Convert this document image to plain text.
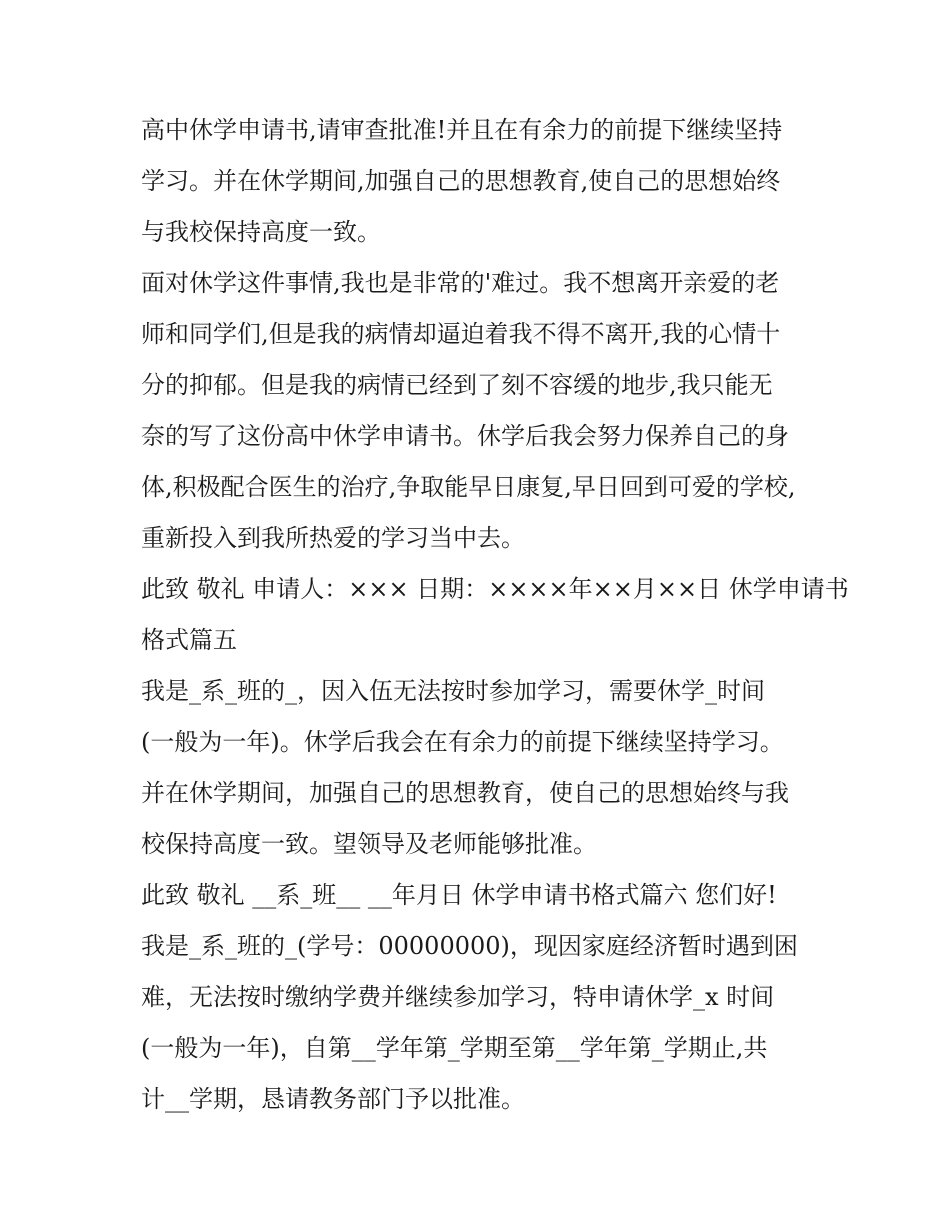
高中休学申请书,请审查批准!并且在有余力的前提下继续坚持
学习。并在休学期间,加强自己的思想教育,使自己的思想始终
与我校保持高度一致。

面对休学这件事情,我也是非常的'难过。我不想离开亲爱的老
师和同学们,但是我的病情却逼迫着我不得不离开,我的心情十
分的抑郁。但是我的病情已经到了刻不容缓的地步,我只能无
奈的写了这份高中休学申请书。休学后我会努力保养自己的身
体,积极配合医生的治疗,争取能早日康复,早日回到可爱的学校,
重新投入到我所热爱的学习当中去。

此致 敬礼 申请人：××× 日期：××××年××月××日 休学申请书
格式篇五

我是_系_班的_，因入伍无法按时参加学习，需要休学_时间
(一般为一年)。休学后我会在有余力的前提下继续坚持学习。
并在休学期间，加强自己的思想教育，使自己的思想始终与我
校保持高度一致。望领导及老师能够批准。

此致 敬礼 __系_班__ __年月日 休学申请书格式篇六 您们好!

我是_系_班的_(学号：00000000)，现因家庭经济暂时遇到困
难，无法按时缴纳学费并继续参加学习，特申请休学_x 时间
(一般为一年)，自第__学年第_学期至第__学年第_学期止,共
计__学期，恳请教务部门予以批准。
